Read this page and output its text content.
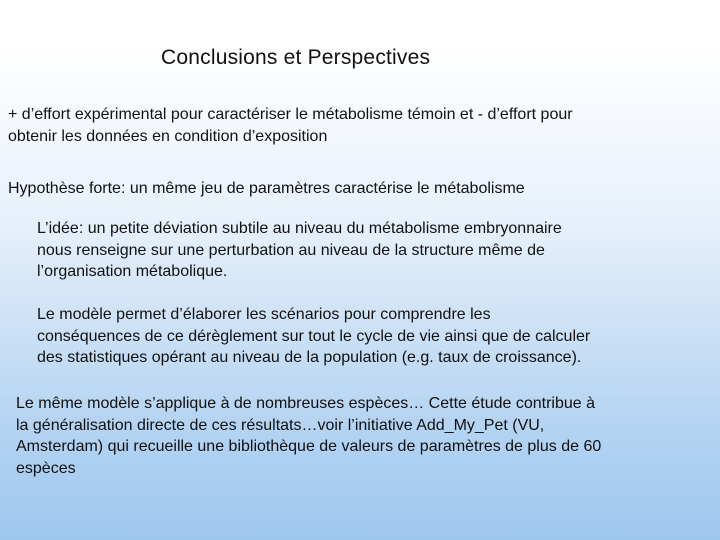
Conclusions et Perspectives

+ d’effort expérimental pour caractériser le métabolisme témoin et - d’effort pour
obtenir les données en condition d’exposition

Hypothèse forte: un même jeu de paramètres caractérise le métabolisme

L’idée: un petite déviation subtile au niveau du métabolisme embryonnaire
nous renseigne sur une perturbation au niveau de la structure même de
l’organisation métabolique.

Le modèle permet d’élaborer les scénarios pour comprendre les
conséquences de ce dérèglement sur tout le cycle de vie ainsi que de calculer
des statistiques opérant au niveau de la population (e.g. taux de croissance).

Le même modèle s’applique à de nombreuses espèces… Cette étude contribue à
la généralisation directe de ces résultats…voir l’initiative Add_My_Pet (VU,
Amsterdam) qui recueille une bibliothèque de valeurs de paramètres de plus de 60
espèces
